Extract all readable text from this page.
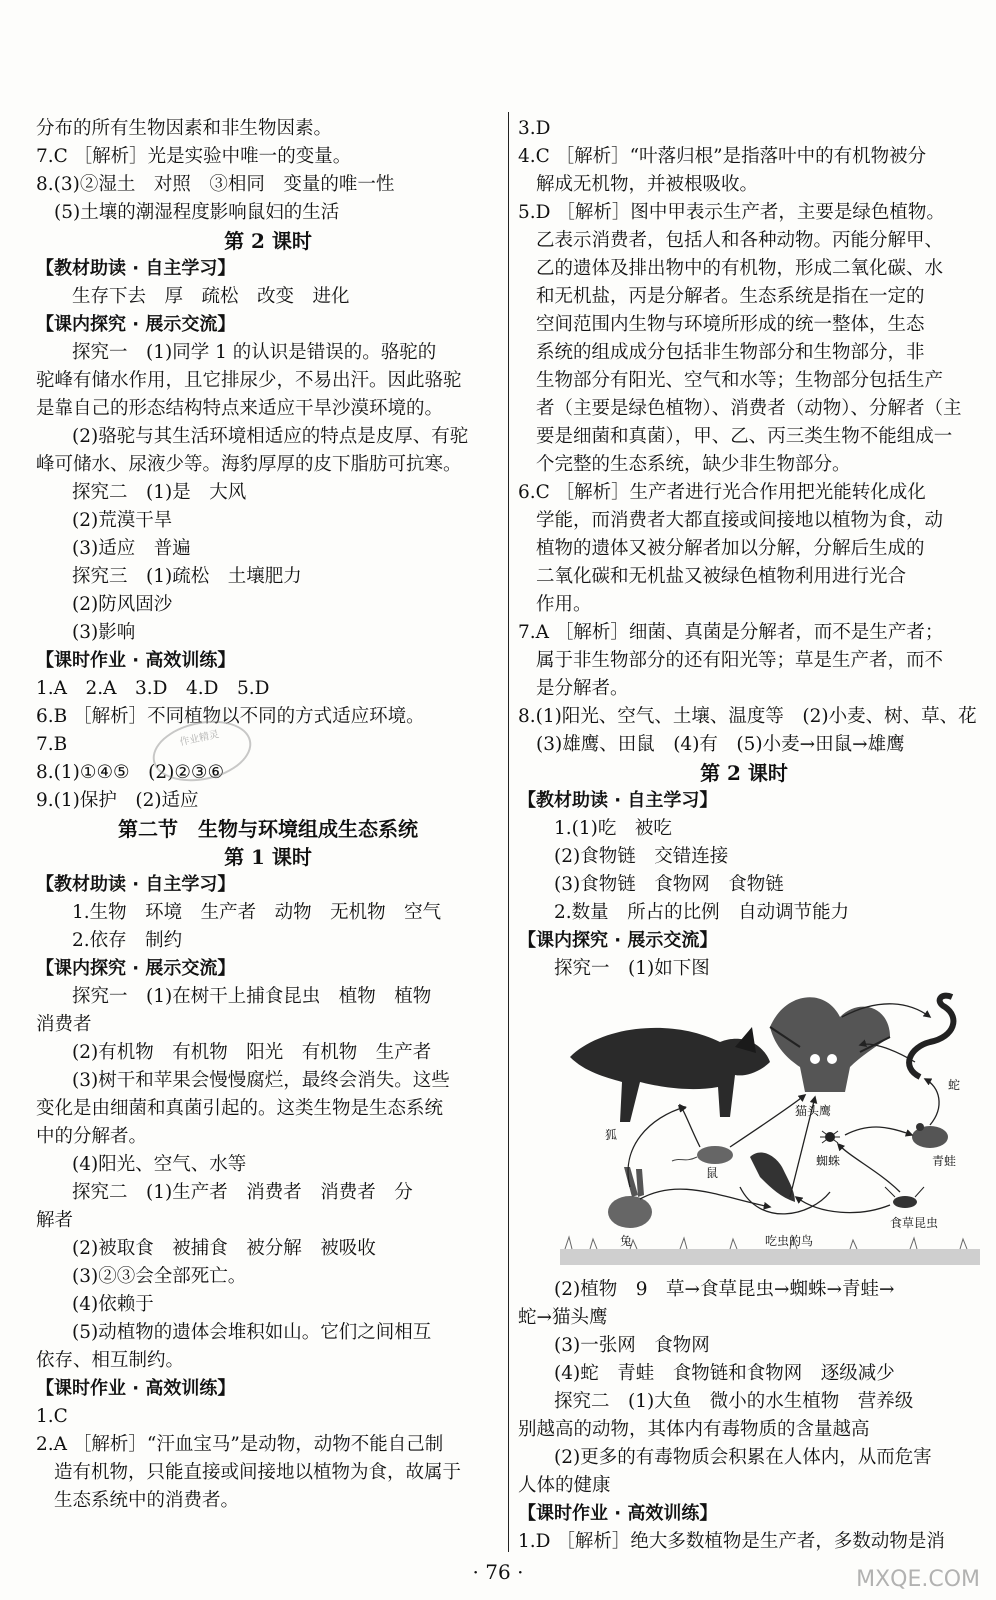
分布的所有生物因素和非生物因素。
7.C ［解析］光是实验中唯一的变量。
8.(3)②湿土　对照　③相同　变量的唯一性
(5)土壤的潮湿程度影响鼠妇的生活
第 2 课时
【教材助读 · 自主学习】
生存下去　厚　疏松　改变　进化
【课内探究 · 展示交流】
探究一　(1)同学 1 的认识是错误的。骆驼的
驼峰有储水作用，且它排尿少，不易出汗。因此骆驼
是靠自己的形态结构特点来适应干旱沙漠环境的。
(2)骆驼与其生活环境相适应的特点是皮厚、有驼
峰可储水、尿液少等。海豹厚厚的皮下脂肪可抗寒。
探究二　(1)是　大风
(2)荒漠干旱
(3)适应　普遍
探究三　(1)疏松　土壤肥力
(2)防风固沙
(3)影响
【课时作业 · 高效训练】
1.A　2.A　3.D　4.D　5.D
6.B ［解析］不同植物以不同的方式适应环境。
7.B
8.(1)①④⑤　(2)②③⑥
9.(1)保护　(2)适应
第二节　生物与环境组成生态系统
第 1 课时
【教材助读 · 自主学习】
1.生物　环境　生产者　动物　无机物　空气
2.依存　制约
【课内探究 · 展示交流】
探究一　(1)在树干上捕食昆虫　植物　植物
消费者
(2)有机物　有机物　阳光　有机物　生产者
(3)树干和苹果会慢慢腐烂，最终会消失。这些
变化是由细菌和真菌引起的。这类生物是生态系统
中的分解者。
(4)阳光、空气、水等
探究二　(1)生产者　消费者　消费者　分
解者
(2)被取食　被捕食　被分解　被吸收
(3)②③会全部死亡。
(4)依赖于
(5)动植物的遗体会堆积如山。它们之间相互
依存、相互制约。
【课时作业 · 高效训练】
1.C
2.A ［解析］“汗血宝马”是动物，动物不能自己制
造有机物，只能直接或间接地以植物为食，故属于
生态系统中的消费者。
3.D
4.C ［解析］“叶落归根”是指落叶中的有机物被分
解成无机物，并被根吸收。
5.D ［解析］图中甲表示生产者，主要是绿色植物。
乙表示消费者，包括人和各种动物。丙能分解甲、
乙的遗体及排出物中的有机物，形成二氧化碳、水
和无机盐，丙是分解者。生态系统是指在一定的
空间范围内生物与环境所形成的统一整体，生态
系统的组成成分包括非生物部分和生物部分，非
生物部分有阳光、空气和水等；生物部分包括生产
者（主要是绿色植物）、消费者（动物）、分解者（主
要是细菌和真菌），甲、乙、丙三类生物不能组成一
个完整的生态系统，缺少非生物部分。
6.C ［解析］生产者进行光合作用把光能转化成化
学能，而消费者大都直接或间接地以植物为食，动
植物的遗体又被分解者加以分解，分解后生成的
二氧化碳和无机盐又被绿色植物利用进行光合
作用。
7.A ［解析］细菌、真菌是分解者，而不是生产者；
属于非生物部分的还有阳光等；草是生产者，而不
是分解者。
8.(1)阳光、空气、土壤、温度等　(2)小麦、树、草、花
(3)雄鹰、田鼠　(4)有　(5)小麦→田鼠→雄鹰
第 2 课时
【教材助读 · 自主学习】
1.(1)吃　被吃
(2)食物链　交错连接
(3)食物链　食物网　食物链
2.数量　所占的比例　自动调节能力
【课内探究 · 展示交流】
探究一　(1)如下图
狐
猫头鹰
蛇
青蛙
兔
鼠
蜘蛛
吃虫的鸟
食草昆虫
(2)植物　9　草→食草昆虫→蜘蛛→青蛙→
蛇→猫头鹰
(3)一张网　食物网
(4)蛇　青蛙　食物链和食物网　逐级减少
探究二　(1)大鱼　微小的水生植物　营养级
别越高的动物，其体内有毒物质的含量越高
(2)更多的有毒物质会积累在人体内，从而危害
人体的健康
【课时作业 · 高效训练】
1.D ［解析］绝大多数植物是生产者，多数动物是消
作业精灵
· 76 ·	MXQE.COM
